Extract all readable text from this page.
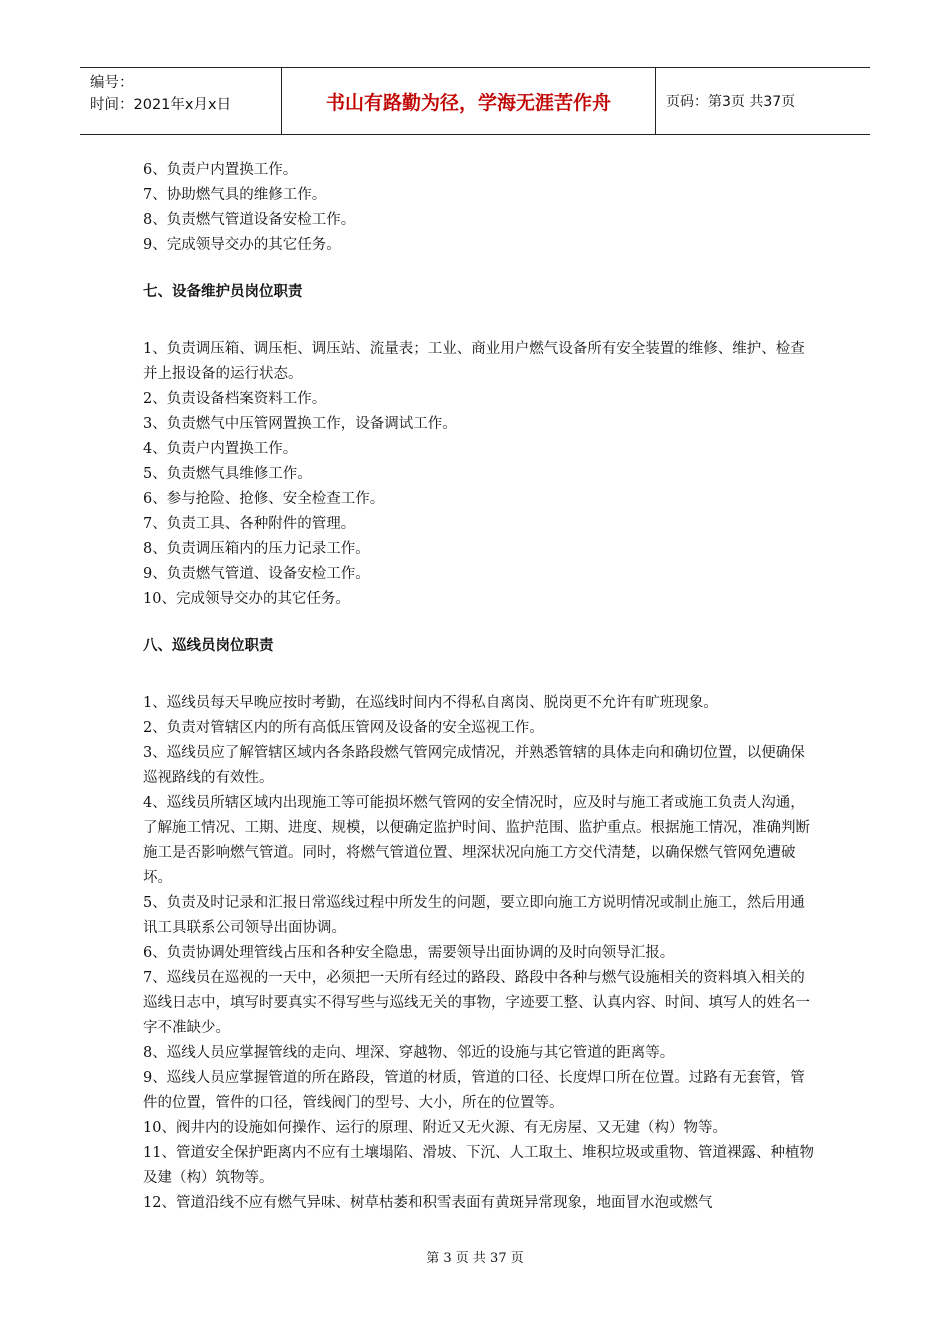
编号：
时间：2021年x月x日	书山有路勤为径，学海无涯苦作舟	页码：第3页 共37页

6、负责户内置换工作。

7、协助燃气具的维修工作。

8、负责燃气管道设备安检工作。

9、完成领导交办的其它任务。

七、设备维护员岗位职责

1、负责调压箱、调压柜、调压站、流量表；工业、商业用户燃气设备所有安全装置的维修、维护、检查并上报设备的运行状态。

2、负责设备档案资料工作。

3、负责燃气中压管网置换工作，设备调试工作。

4、负责户内置换工作。

5、负责燃气具维修工作。

6、参与抢险、抢修、安全检查工作。

7、负责工具、各种附件的管理。

8、负责调压箱内的压力记录工作。

9、负责燃气管道、设备安检工作。

10、完成领导交办的其它任务。

八、巡线员岗位职责

1、巡线员每天早晚应按时考勤，在巡线时间内不得私自离岗、脱岗更不允许有旷班现象。

2、负责对管辖区内的所有高低压管网及设备的安全巡视工作。

3、巡线员应了解管辖区域内各条路段燃气管网完成情况，并熟悉管辖的具体走向和确切位置，以便确保巡视路线的有效性。

4、巡线员所辖区域内出现施工等可能损坏燃气管网的安全情况时，应及时与施工者或施工负责人沟通，了解施工情况、工期、进度、规模，以便确定监护时间、监护范围、监护重点。根据施工情况，准确判断施工是否影响燃气管道。同时，将燃气管道位置、埋深状况向施工方交代清楚，以确保燃气管网免遭破坏。

5、负责及时记录和汇报日常巡线过程中所发生的问题，要立即向施工方说明情况或制止施工，然后用通讯工具联系公司领导出面协调。

6、负责协调处理管线占压和各种安全隐患，需要领导出面协调的及时向领导汇报。

7、巡线员在巡视的一天中，必须把一天所有经过的路段、路段中各种与燃气设施相关的资料填入相关的巡线日志中，填写时要真实不得写些与巡线无关的事物，字迹要工整、认真内容、时间、填写人的姓名一字不准缺少。

8、巡线人员应掌握管线的走向、埋深、穿越物、邻近的设施与其它管道的距离等。

9、巡线人员应掌握管道的所在路段，管道的材质，管道的口径、长度焊口所在位置。过路有无套管，管件的位置，管件的口径，管线阀门的型号、大小，所在的位置等。

10、阀井内的设施如何操作、运行的原理、附近又无火源、有无房屋、又无建（构）物等。

11、管道安全保护距离内不应有土壤塌陷、滑坡、下沉、人工取土、堆积垃圾或重物、管道裸露、种植物及建（构）筑物等。

12、管道沿线不应有燃气异味、树草枯萎和积雪表面有黄斑异常现象，地面冒水泡或燃气

第 3 页 共 37 页
